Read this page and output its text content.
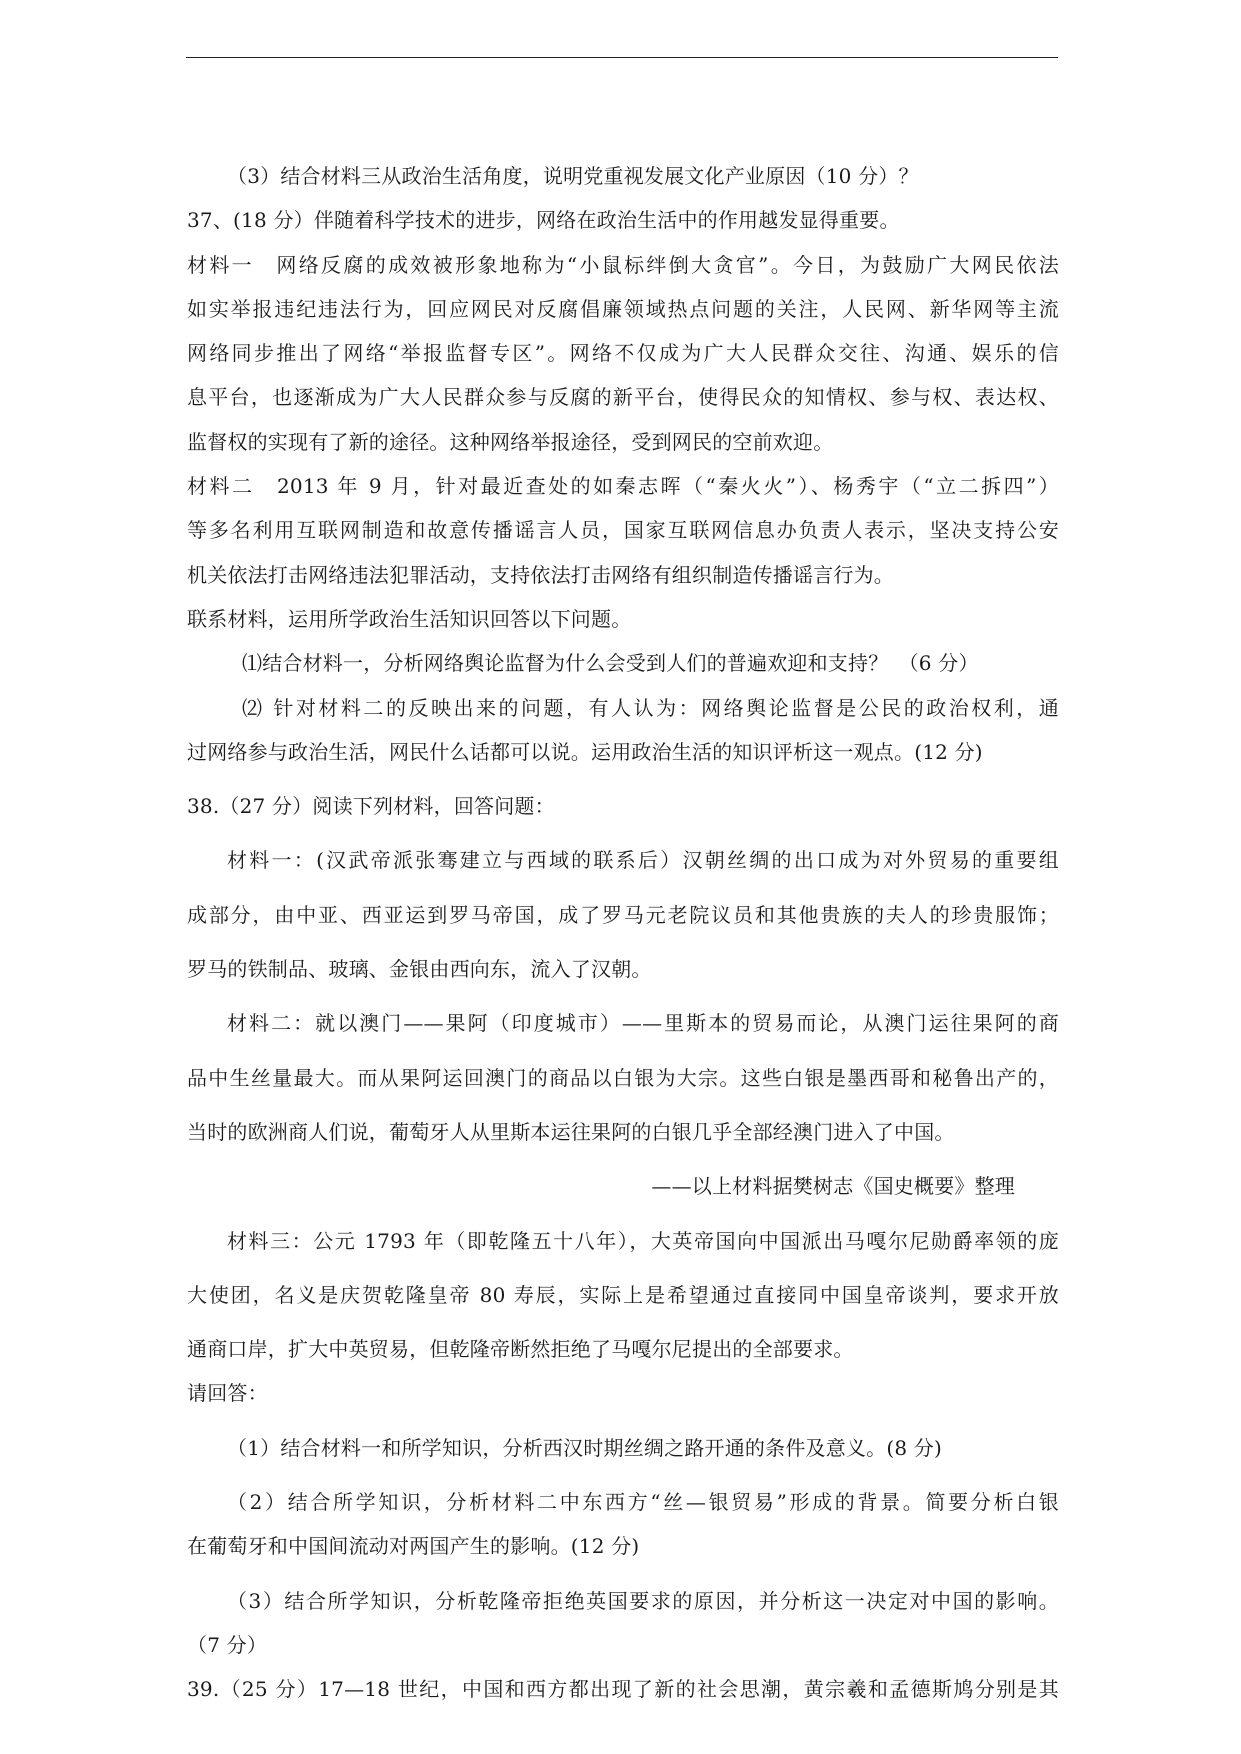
（3）结合材料三从政治生活角度，说明党重视发展文化产业原因（10 分）？
37、(18 分）伴随着科学技术的进步，网络在政治生活中的作用越发显得重要。
材料一　网络反腐的成效被形象地称为“小鼠标绊倒大贪官”。今日，为鼓励广大网民依法
如实举报违纪违法行为，回应网民对反腐倡廉领域热点问题的关注，人民网、新华网等主流
网络同步推出了网络“举报监督专区”。网络不仅成为广大人民群众交往、沟通、娱乐的信
息平台，也逐渐成为广大人民群众参与反腐的新平台，使得民众的知情权、参与权、表达权、
监督权的实现有了新的途径。这种网络举报途径，受到网民的空前欢迎。
材料二　2013 年 9 月，针对最近查处的如秦志晖（“秦火火”）、杨秀宇（“立二拆四”）
等多名利用互联网制造和故意传播谣言人员，国家互联网信息办负责人表示，坚决支持公安
机关依法打击网络违法犯罪活动，支持依法打击网络有组织制造传播谣言行为。
联系材料，运用所学政治生活知识回答以下问题。
⑴结合材料一，分析网络舆论监督为什么会受到人们的普遍欢迎和支持？　（6 分）
⑵ 针对材料二的反映出来的问题，有人认为：网络舆论监督是公民的政治权利，通
过网络参与政治生活，网民什么话都可以说。运用政治生活的知识评析这一观点。(12 分)
38.（27 分）阅读下列材料，回答问题：
材料一：(汉武帝派张骞建立与西域的联系后）汉朝丝绸的出口成为对外贸易的重要组
成部分，由中亚、西亚运到罗马帝国，成了罗马元老院议员和其他贵族的夫人的珍贵服饰；
罗马的铁制品、玻璃、金银由西向东，流入了汉朝。
材料二：就以澳门——果阿（印度城市）——里斯本的贸易而论，从澳门运往果阿的商
品中生丝量最大。而从果阿运回澳门的商品以白银为大宗。这些白银是墨西哥和秘鲁出产的，
当时的欧洲商人们说，葡萄牙人从里斯本运往果阿的白银几乎全部经澳门进入了中国。
——以上材料据樊树志《国史概要》整理
材料三：公元 1793 年（即乾隆五十八年），大英帝国向中国派出马嘎尔尼勋爵率领的庞
大使团，名义是庆贺乾隆皇帝 80 寿辰，实际上是希望通过直接同中国皇帝谈判，要求开放
通商口岸，扩大中英贸易，但乾隆帝断然拒绝了马嘎尔尼提出的全部要求。
请回答：
（1）结合材料一和所学知识，分析西汉时期丝绸之路开通的条件及意义。(8 分)
（2）结合所学知识，分析材料二中东西方“丝—银贸易”形成的背景。简要分析白银
在葡萄牙和中国间流动对两国产生的影响。(12 分)
（3）结合所学知识，分析乾隆帝拒绝英国要求的原因，并分析这一决定对中国的影响。
（7 分）
39.（25 分）17—18 世纪，中国和西方都出现了新的社会思潮，黄宗羲和孟德斯鸠分别是其
